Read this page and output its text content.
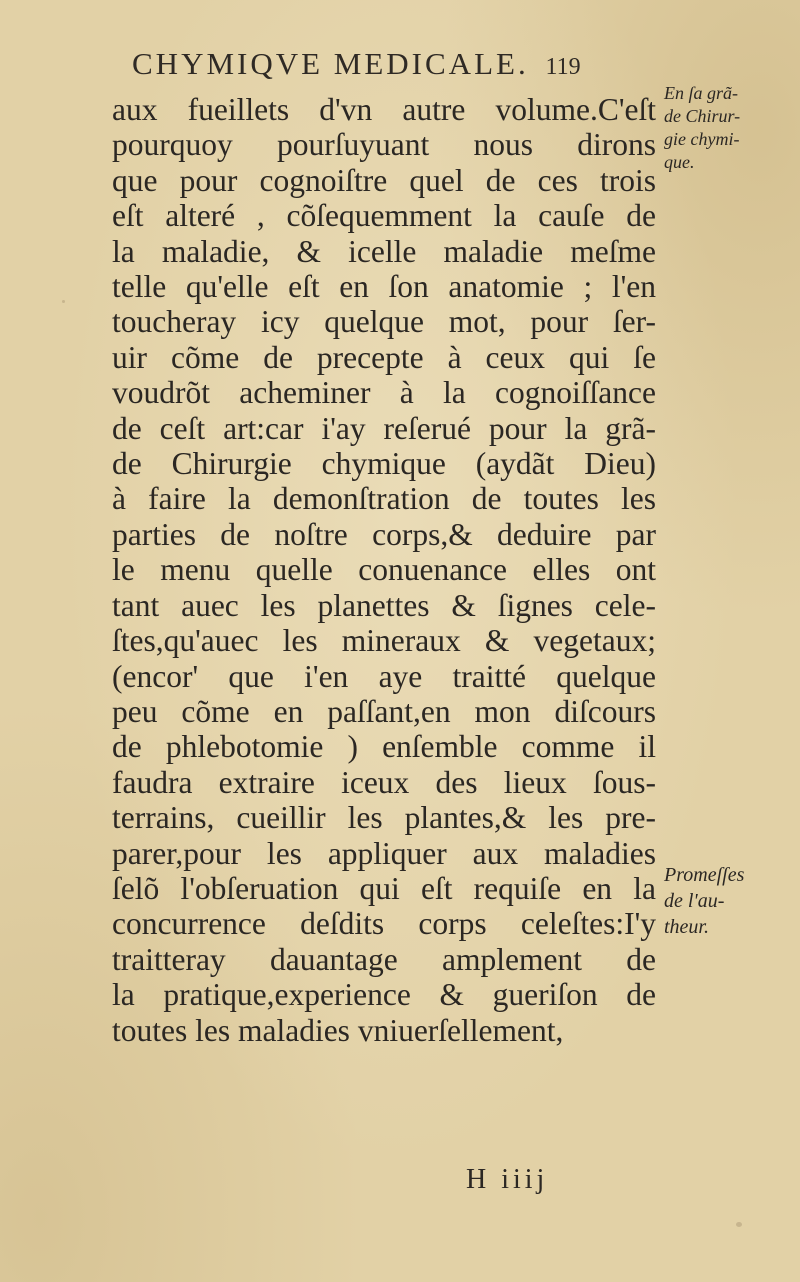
CHYMIQVE MEDICALE. 119
aux fueillets d'vn autre volume.C'eſt
pourquoy pourſuyuant nous dirons
que pour cognoiſtre quel de ces trois
eſt alteré , cõſequemment la cauſe de
la maladie, & icelle maladie meſme
telle qu'elle eſt en ſon anatomie ; l'en
toucheray icy quelque mot, pour ſer-
uir cõme de precepte à ceux qui ſe
voudrõt acheminer à la cognoiſſance
de ceſt art:car i'ay reſerué pour la grã-
de Chirurgie chymique (aydãt Dieu)
à faire la demonſtration de toutes les
parties de noſtre corps,& deduire par
le menu quelle conuenance elles ont
tant auec les planettes & ſignes cele-
ſtes,qu'auec les mineraux & vegetaux;
(encor' que i'en aye traitté quelque
peu cõme en paſſant,en mon diſcours
de phlebotomie ) enſemble comme il
faudra extraire iceux des lieux ſous-
terrains, cueillir les plantes,& les pre-
parer,pour les appliquer aux maladies
ſelõ l'obſeruation qui eſt requiſe en la
concurrence deſdits corps celeſtes:I'y
traitteray dauantage amplement de
la pratique,experience & gueriſon de
toutes les maladies vniuerſellement,
En ſa grã-
de Chirur-
gie chymi-
que.
Promeſſes
de l'au-
theur.
H iiij
